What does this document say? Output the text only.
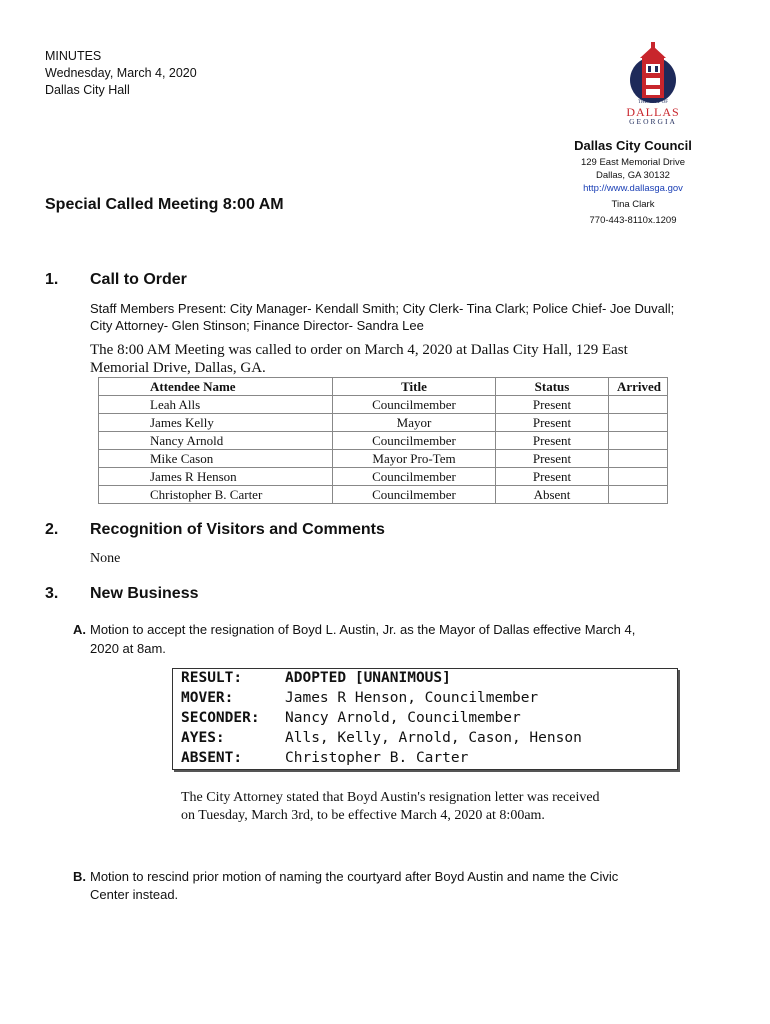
MINUTES
Wednesday, March 4, 2020
Dallas City Hall
THE CITY OF
DALLAS
GEORGIA
Dallas City Council
129 East Memorial Drive
Dallas, GA 30132
http://www.dallasga.gov
Tina Clark
770-443-8110x.1209
Special Called Meeting 8:00 AM
1. Call to Order
Staff Members Present: City Manager- Kendall Smith; City Clerk- Tina Clark; Police Chief- Joe Duvall;
City Attorney- Glen Stinson; Finance Director- Sandra Lee
The 8:00 AM Meeting was called to order on March 4, 2020 at Dallas City Hall, 129 East
Memorial Drive, Dallas, GA.
Attendee Name	Title	Status	Arrived
Leah Alls	Councilmember	Present	
James Kelly	Mayor	Present	
Nancy Arnold	Councilmember	Present	
Mike Cason	Mayor Pro-Tem	Present	
James R Henson	Councilmember	Present	
Christopher B. Carter	Councilmember	Absent	
2. Recognition of Visitors and Comments
None
3. New Business
A. Motion to accept the resignation of Boyd L. Austin, Jr. as the Mayor of Dallas effective March 4,
2020 at 8am.
RESULT:	ADOPTED [UNANIMOUS]
MOVER:	James R Henson, Councilmember
SECONDER: Nancy Arnold, Councilmember
AYES:	Alls, Kelly, Arnold, Cason, Henson
ABSENT:	Christopher B. Carter
The City Attorney stated that Boyd Austin's resignation letter was received
on Tuesday, March 3rd, to be effective March 4, 2020 at 8:00am.
B. Motion to rescind prior motion of naming the courtyard after Boyd Austin and name the Civic
Center instead.
